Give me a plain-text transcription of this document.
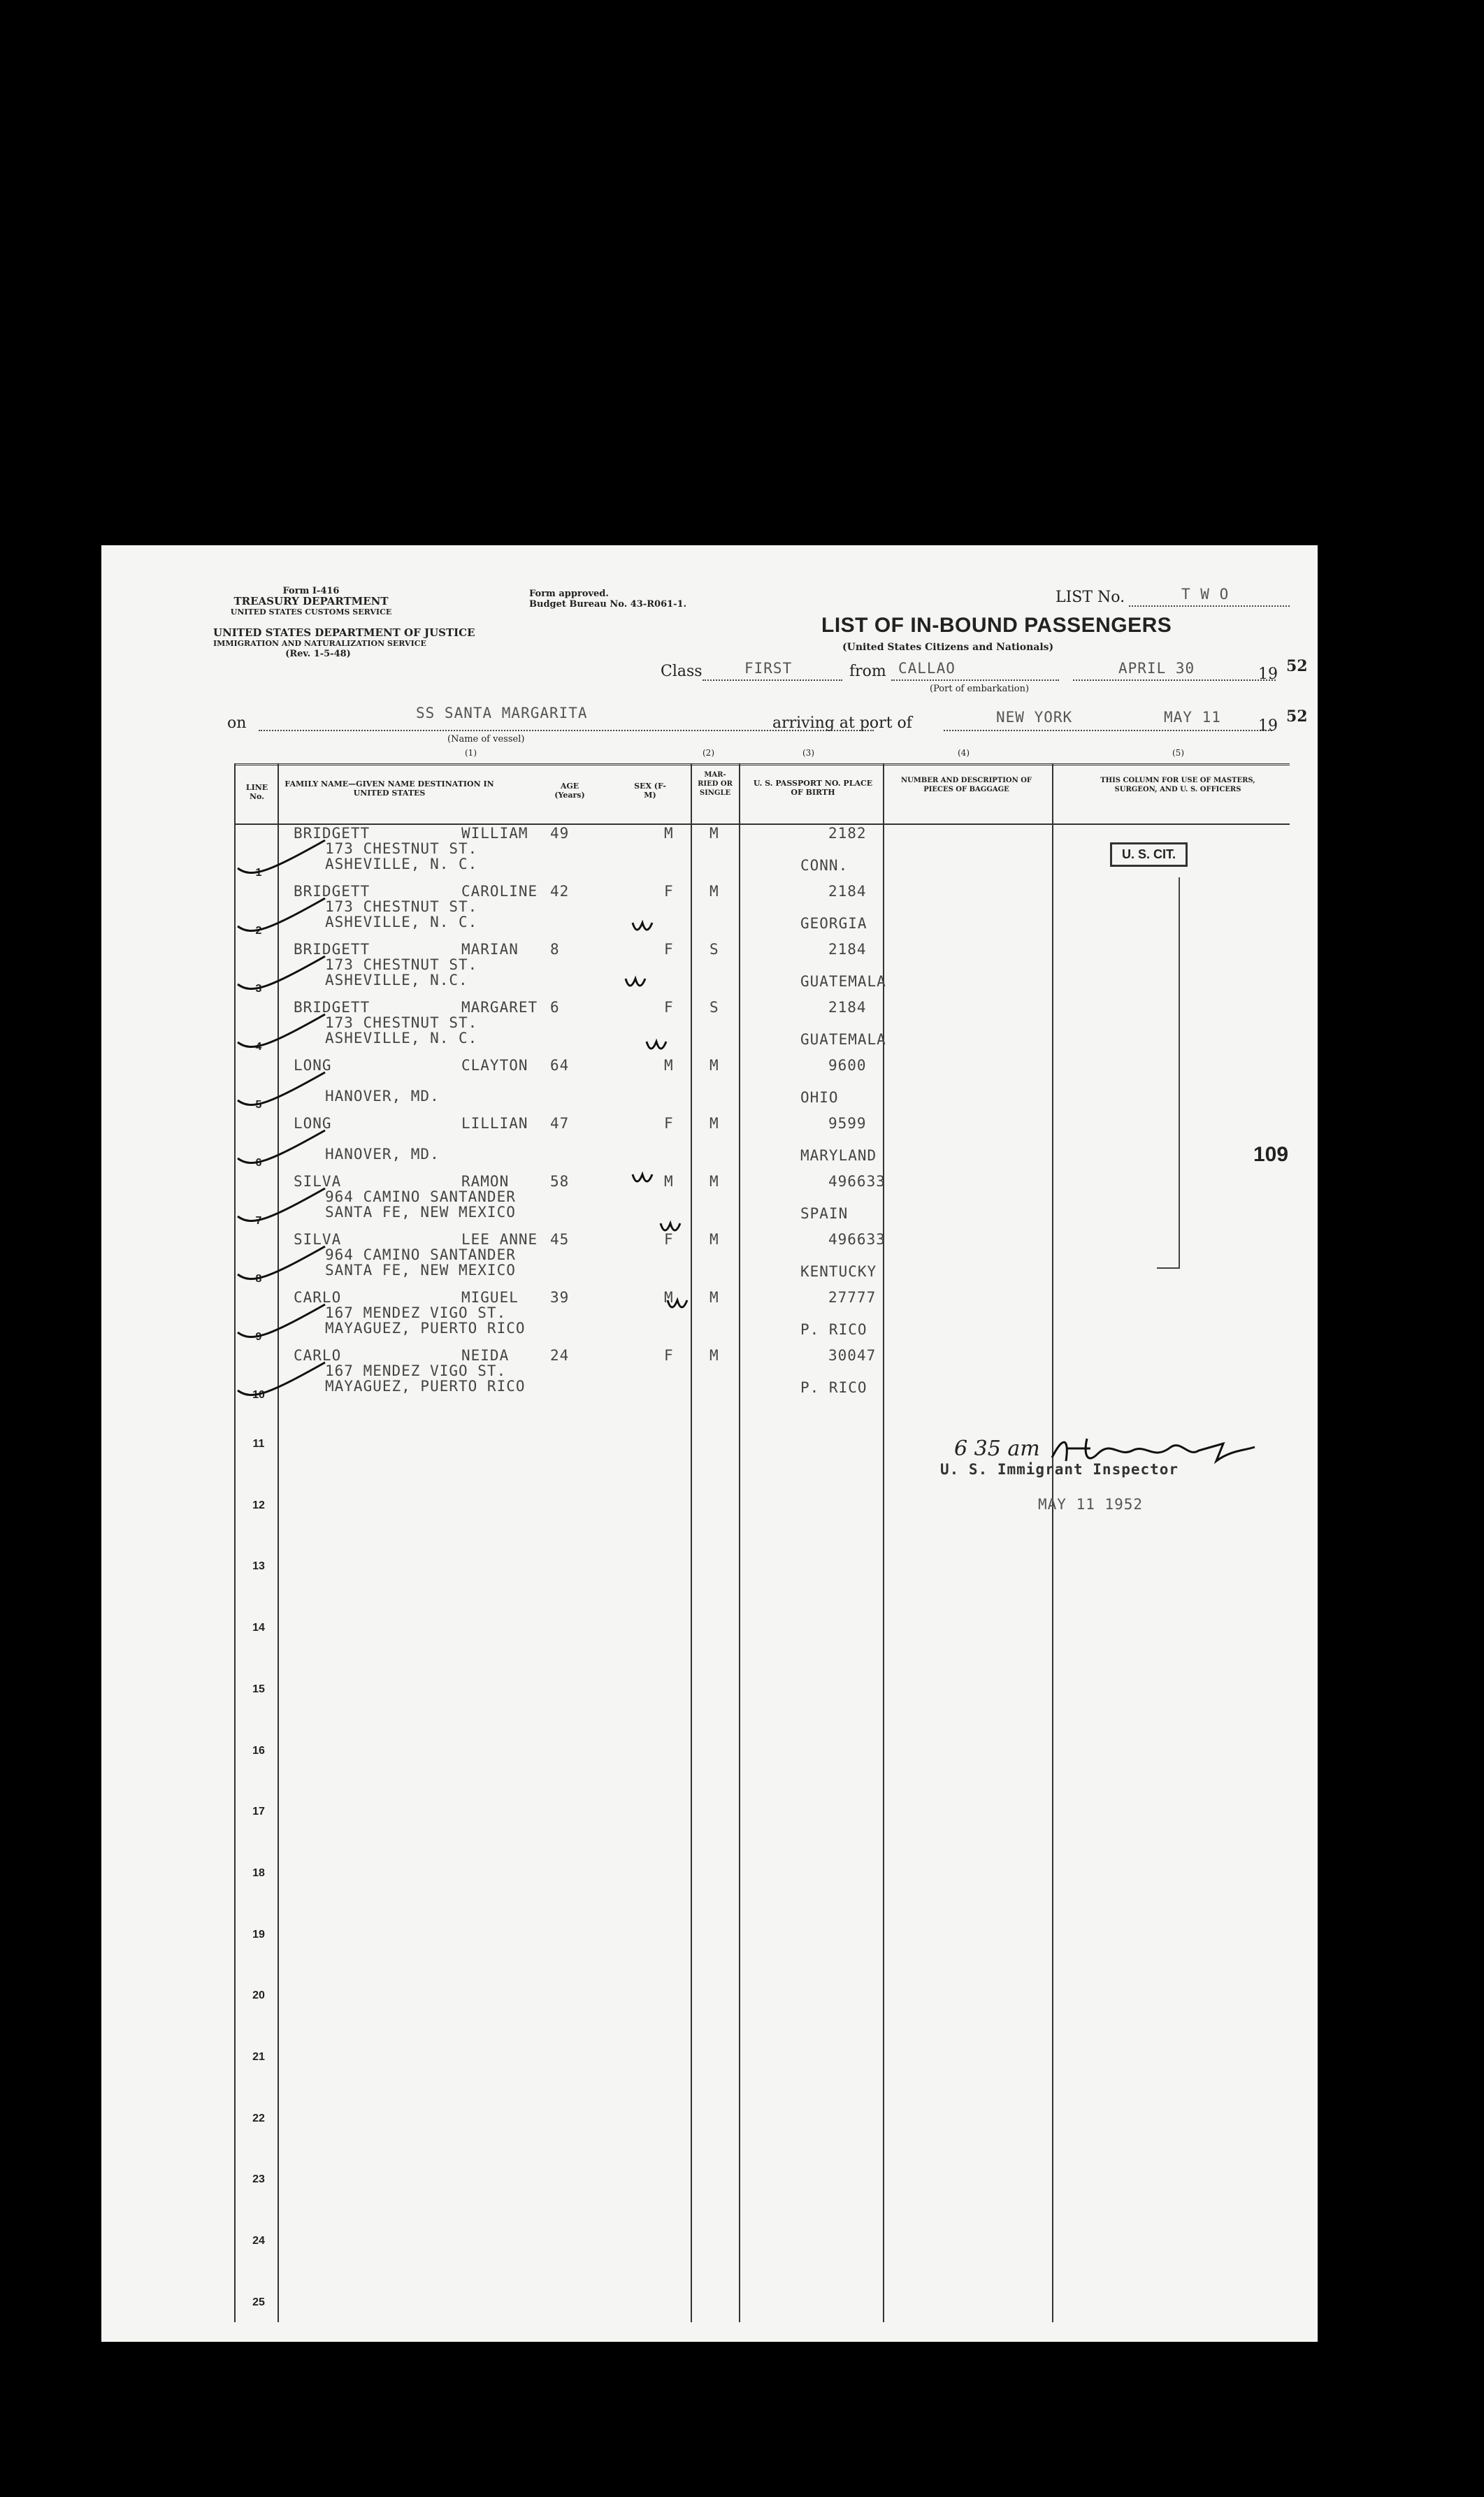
Form I-416
TREASURY DEPARTMENT
UNITED STATES CUSTOMS SERVICE
UNITED STATES DEPARTMENT OF JUSTICE
IMMIGRATION AND NATURALIZATION SERVICE
(Rev. 1-5-48)
Form approved.
Budget Bureau No. 43-R061-1.	LIST No.	T W O
LIST OF IN-BOUND PASSENGERS
(United States Citizens and Nationals)
Class	FIRST	from CALLAO	APRIL 30	19 52
(Port of embarkation)
on
SS SANTA MARGARITA
(Name of vessel)
arriving at port of	NEW YORK	MAY 11 19
52
(1)	(2)	(3)	(4)	(5)
LINE No.
FAMILY NAME—GIVEN NAME DESTINATION IN UNITED STATES
AGE (Years)
SEX (F-M)
MAR-RIED OR SINGLE
U. S. PASSPORT NO. PLACE OF BIRTH
NUMBER AND DESCRIPTION OF PIECES OF BAGGAGE
THIS COLUMN FOR USE OF MASTERS, SURGEON, AND U. S. OFFICERS
U. S. CIT.
1
BRIDGETT	WILLIAM 49	M M	2182
173 CHESTNUT ST.
ASHEVILLE, N. C.	CONN.
2
BRIDGETT	CAROLINE 42	F M	2184
173 CHESTNUT ST.
ASHEVILLE, N. C.	GEORGIA
3
BRIDGETT	MARIAN 8	F S	2184
173 CHESTNUT ST.
ASHEVILLE, N.C.	GUATEMALA
4
BRIDGETT	MARGARET 6	F S	2184
173 CHESTNUT ST.
ASHEVILLE, N. C.	GUATEMALA
5
LONG	CLAYTON 64	M M	9600
HANOVER, MD.	OHIO
6
LONG	LILLIAN 47	F M	9599
HANOVER, MD.	MARYLAND
7
SILVA	RAMON	58	M M	496633
964 CAMINO SANTANDER
SANTA FE, NEW MEXICO	SPAIN
8
SILVA	LEE ANNE 45	F M	496633
964 CAMINO SANTANDER
SANTA FE, NEW MEXICO	KENTUCKY
9
CARLO	MIGUEL 39	M M	27777
167 MENDEZ VIGO ST.
MAYAGUEZ, PUERTO RICO	P. RICO
10
CARLO	NEIDA	24	F M	30047
167 MENDEZ VIGO ST.
MAYAGUEZ, PUERTO RICO	P. RICO
11
12
13
14
15
16
17
18
19
20
21
22
23
24
25
109
6 35 am
U. S. Immigrant Inspector
MAY 11 1952
